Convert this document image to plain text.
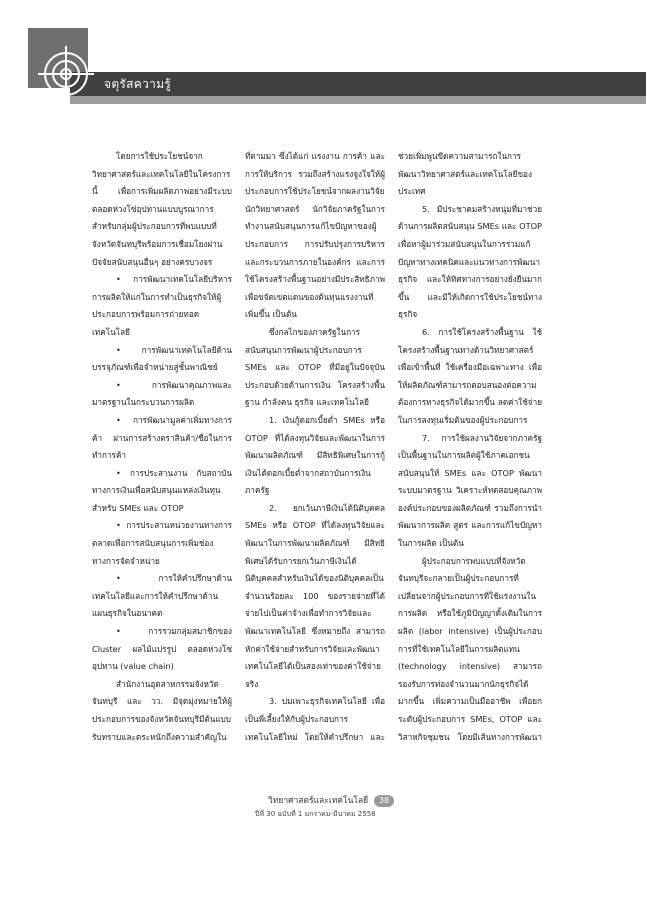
จตุรัสความรู้

โดยการใช้ประโยชน์จากวิทยาศาสตร์และเทคโนโลยีในโครงการนี้ เพื่อการเพิ่มผลิตภาพอย่างมีระบบตลอดห่วงโซ่อุปทานแบบบูรณาการสำหรับกลุ่มผู้ประกอบการที่พบแบบที่จังหวัดจันทบุรีพร้อมการเชื่อมโยงผ่านปัจจัยสนับสนุนอื่นๆ อย่างครบวงจร

• การพัฒนาเทคโนโลยีบริหารการผลิตให้แก่ในการทำเป็นธุรกิจให้ผู้ประกอบการพร้อมการถ่ายทอดเทคโนโลยี

• การพัฒนาเทคโนโลยีด้านบรรจุภัณฑ์เพื่อจำหน่ายสู่ชั้นพาณิชย์

• การพัฒนาคุณภาพและมาตรฐานในกระบวนการผลิต

• การพัฒนามูลค่าเพิ่มทางการค้า ผ่านการสร้างตราสินค้า/ชื่อในการทำการค้า

• การประสานงาน กับสถาบันทางการเงินเพื่อสนับสนุนแหล่งเงินทุนสำหรับ SMEs และ OTOP

• การประสานหน่วยงานทางการตลาดเพื่อการสนับสนุนการเพิ่มช่องทางการจัดจำหน่าย

• การให้คำปรึกษาด้านเทคโนโลยีและการให้คำปรึกษาด้านแผนธุรกิจในอนาคต

• การรวมกลุ่มสมาชิกของ Cluster ผลไม้แปรรูป ตลอดห่วงโซ่อุปทาน (value chain)

สำนักงานอุตสาหกรรมจังหวัดจันทบุรี และ วว. มีจุดมุ่งหมายให้ผู้ประกอบการของจังหวัดจันทบุรีมีต้นแบบ รับทราบและตระหนักถึงความสำคัญใน

ที่ตามมา ซึ่งได้แก่ แรงงาน การค้า และการให้บริการ รวมถึงสร้างแรงจูงใจให้ผู้ประกอบการใช้ประโยชน์จากผลงานวิจัย นักวิทยาศาสตร์ นักวิจัยภาครัฐในการทำงานสนับสนุนการแก้ไขปัญหาของผู้ประกอบการ การปรับปรุงการบริหารและกระบวนการภายในองค์กร และการใช้โครงสร้างพื้นฐานอย่างมีประสิทธิภาพ เพื่อขจัดเขตแดนของต้นทุนแรงงานที่เพิ่มขึ้น เป็นต้น

ซึ่งกลไกของภาครัฐในการสนับสนุนการพัฒนาผู้ประกอบการ SMEs และ OTOP ที่มีอยู่ในปัจจุบันประกอบด้วยด้านการเงิน โครงสร้างพื้นฐาน กำลังคน ธุรกิจ และเทคโนโลยี

1. เงินกู้ดอกเบี้ยต่ำ SMEs หรือ OTOP ที่ได้ลงทุนวิจัยและพัฒนาในการพัฒนาผลิตภัณฑ์ มีสิทธิพิเศษในการกู้เงินได้ดอกเบี้ยต่ำจากสถาบันการเงินภาครัฐ

2. ยกเว้นภาษีเงินได้นิติบุคคล SMEs หรือ OTOP ที่ได้ลงทุนวิจัยและพัฒนาในการพัฒนาผลิตภัณฑ์ มีสิทธิพิเศษได้รับการยกเว้นภาษีเงินได้นิติบุคคลสำหรับเงินได้ของนิติบุคคลเป็นจำนวนร้อยละ 100 ของรายจ่ายที่ได้จ่ายไปเป็นค่าจ้างเพื่อทำการวิจัยและพัฒนาเทคโนโลยี ซึ่งหมายถึง สามารถหักค่าใช้จ่ายสำหรับการวิจัยและพัฒนาเทคโนโลยีได้เป็นสองเท่าของค่าใช้จ่ายจริง

3. บ่มเพาะธุรกิจเทคโนโลยี เพื่อเป็นพี่เลี้ยงให้กับผู้ประกอบการเทคโนโลยีใหม่ โดยให้คำปรึกษา และ

ช่วยเพิ่มพูนขีดความสามารถในการพัฒนาวิทยาศาสตร์และเทคโนโลยีของประเทศ

5. มีประชาคมสร้างหนุ่มที่มาช่วยด้านการผลิตสนับสนุน SMEs และ OTOP เพื่อหาผู้มาร่วมสนับสนุนในการร่วมแก้ปัญหาทางเทคนิคและแนวทางการพัฒนาธุรกิจ และให้ทิศทางการอย่างยั่งยืนมากขึ้น และมีให้เกิดการใช้ประโยชน์ทางธุรกิจ

6. การใช้โครงสร้างพื้นฐาน ใช้โครงสร้างพื้นฐานทางด้านวิทยาศาสตร์ เพื่อเข้าพื้นที่ ใช้เครื่องมือเฉพาะทาง เพื่อให้ผลิตภัณฑ์สามารถตอบสนองต่อความต้องการทางธุรกิจได้มากขึ้น ลดค่าใช้จ่ายในการลงทุนเริ่มต้นของผู้ประกอบการ

7. การใช้ผลงานวิจัยจากภาครัฐ เป็นพื้นฐานในการผลิตผู้ใช้ภาคเอกชนสนับสนุนให้ SMEs และ OTOP พัฒนาระบบมาตรฐาน วิเคราะห์ทดสอบคุณภาพองค์ประกอบของผลิตภัณฑ์ รวมถึงการนำพัฒนาการผลิต สูตร และการแก้ไขปัญหาในการผลิต เป็นต้น

ผู้ประกอบการพบแบบที่จังหวัดจันทบุรีจะกลายเป็นผู้ประกอบการที่เปลี่ยนจากผู้ประกอบการที่ใช้แรงงานในการผลิต หรือใช้ภูมิปัญญาดั้งเดิมในการผลิต (labor intensive) เป็นผู้ประกอบการที่ใช้เทคโนโลยีในการผลิตแทน (technology intensive) สามารถรองรับการท่องจำนวนมากนักธุรกิจได้มากขึ้น เพิ่มความเป็นมืออาชีพ เพื่อยกระดับผู้ประกอบการ SMEs, OTOP และวิสาหกิจชุมชน โดยมีเส้นทางการพัฒนา

วิทยาศาสตร์และเทคโนโลยี 38
ปีที่ 30 ฉบับที่ 1 มกราคม-มีนาคม 2558
